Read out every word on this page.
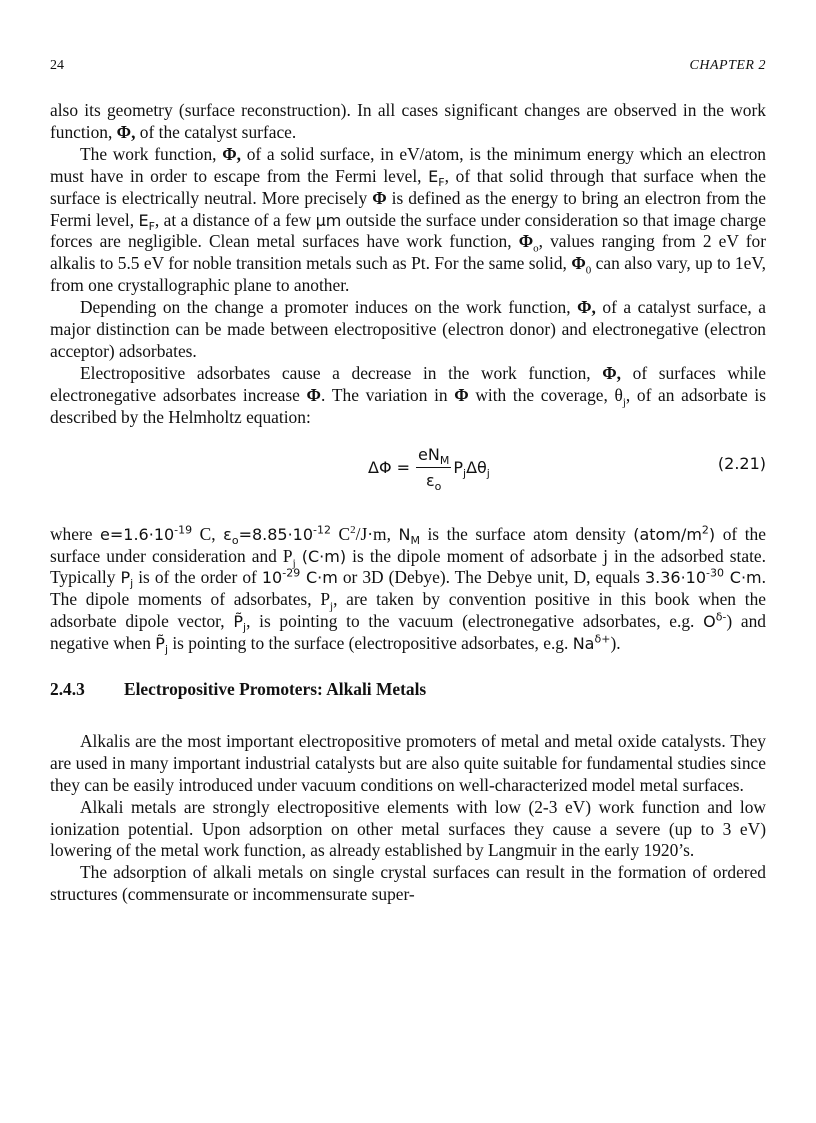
24	CHAPTER 2

also its geometry (surface reconstruction). In all cases significant changes are observed in the work function, Φ, of the catalyst surface.

The work function, Φ, of a solid surface, in eV/atom, is the minimum energy which an electron must have in order to escape from the Fermi level, $E_F$, of that solid through that surface when the surface is electrically neutral. More precisely Φ is defined as the energy to bring an electron from the Fermi level, $E_F$, at a distance of a few μm outside the surface under consideration so that image charge forces are negligible. Clean metal surfaces have work function, $\Phi_o$, values ranging from 2 eV for alkalis to 5.5 eV for noble transition metals such as Pt. For the same solid, $\Phi_0$ can also vary, up to 1eV, from one crystallographic plane to another.

Depending on the change a promoter induces on the work function, Φ, of a catalyst surface, a major distinction can be made between electropositive (electron donor) and electronegative (electron acceptor) adsorbates.

Electropositive adsorbates cause a decrease in the work function, Φ, of surfaces while electronegative adsorbates increase Φ. The variation in Φ with the coverage, $\theta_j$, of an adsorbate is described by the Helmholtz equation:

$\Delta\Phi = \frac{eN_M}{\varepsilon_o} P_j\Delta\theta_j$
(2.21)

where $e=1.6\cdot 10^{-19}$ C, $\varepsilon_o=8.85\cdot 10^{-12}$ $C^2/J\cdot m$, $N_M$ is the surface atom density $(atom/m^2)$ of the surface under consideration and $P_j$ (C·m) is the dipole moment of adsorbate j in the adsorbed state. Typically $P_j$ is of the order of $10^{-29}$ C·m or 3D (Debye). The Debye unit, D, equals $3.36\cdot 10^{-30}$ C·m. The dipole moments of adsorbates, $P_j$, are taken by convention positive in this book when the adsorbate dipole vector, $P̃_j$, is pointing to the vacuum (electronegative adsorbates, e.g. $O^{\delta-}$) and negative when $P̃_j$ is pointing to the surface (electropositive adsorbates, e.g. $Na^{\delta+}$).

2.4.3 Electropositive Promoters: Alkali Metals

Alkalis are the most important electropositive promoters of metal and metal oxide catalysts. They are used in many important industrial catalysts but are also quite suitable for fundamental studies since they can be easily introduced under vacuum conditions on well-characterized model metal surfaces.

Alkali metals are strongly electropositive elements with low (2-3 eV) work function and low ionization potential. Upon adsorption on other metal surfaces they cause a severe (up to 3 eV) lowering of the metal work function, as already established by Langmuir in the early 1920’s.

The adsorption of alkali metals on single crystal surfaces can result in the formation of ordered structures (commensurate or incommensurate super-
